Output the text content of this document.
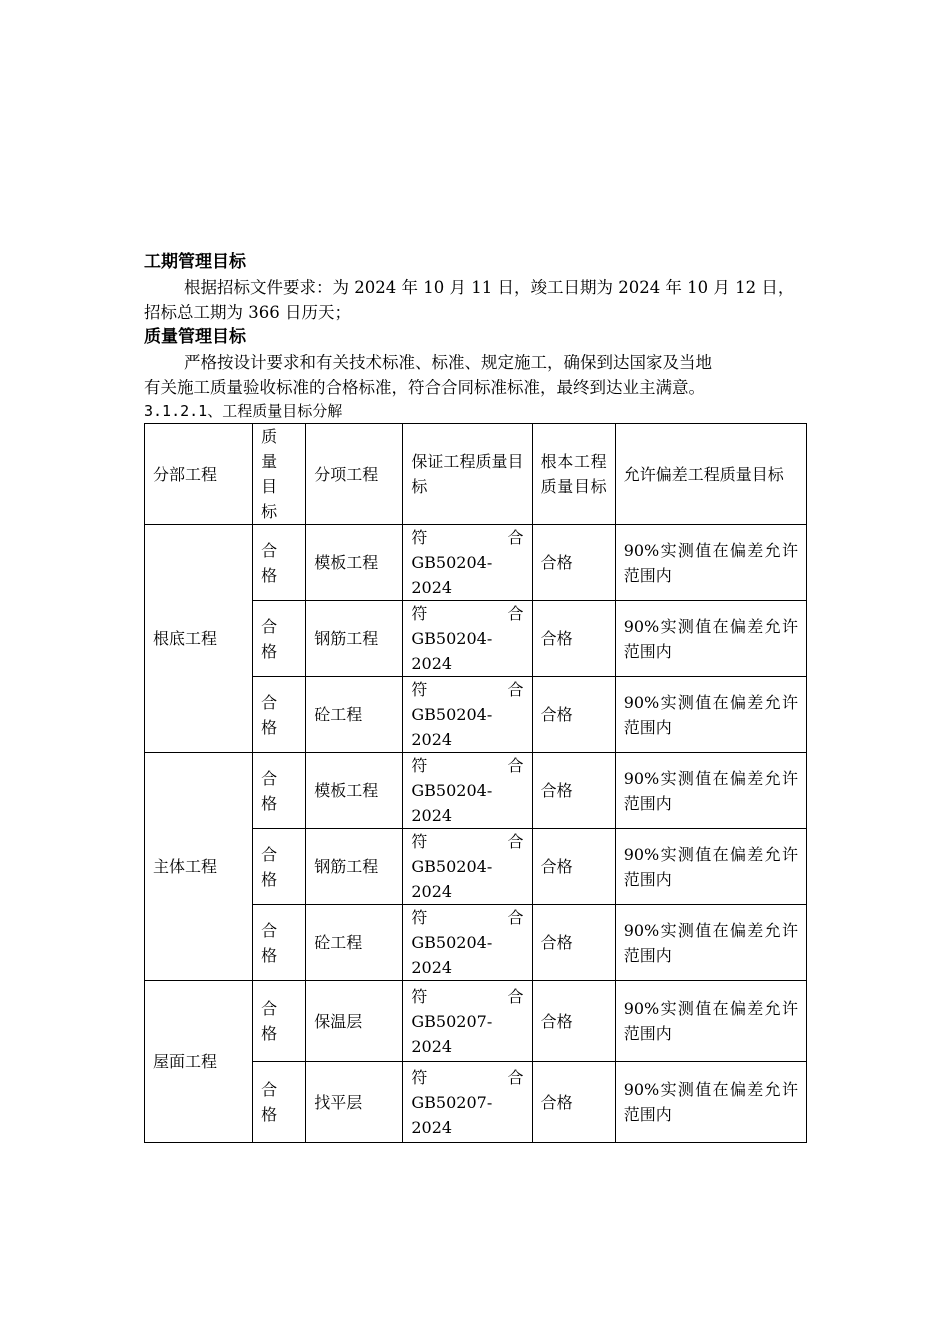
工期管理目标
根据招标文件要求：为 2024 年 10 月 11 日，竣工日期为 2024 年 10 月 12 日，
招标总工期为 366 日历天；
质量管理目标
严格按设计要求和有关技术标准、标准、规定施工，确保到达国家及当地
有关施工质量验收标准的合格标准，符合合同标准标准，最终到达业主满意。
3.1.2.1、工程质量目标分解
分部工程	质
量
目
标	分项工程	保证工程质量目标	根本工程质量目标	允许偏差工程质量目标
根底工程	合
格	模板工程	符 合
GB50204-
2024	合格	90%实测值在偏差允许范围内

	合
格	钢筋工程	符 合
GB50204-
2024	合格	90%实测值在偏差允许范围内

	合
格	砼工程	符 合
GB50204-
2024	合格	90%实测值在偏差允许范围内
主体工程	合
格	模板工程	符 合
GB50204-
2024	合格	90%实测值在偏差允许范围内

	合
格	钢筋工程	符 合
GB50204-
2024	合格	90%实测值在偏差允许范围内

	合
格	砼工程	符 合
GB50204-
2024	合格	90%实测值在偏差允许范围内
屋面工程	合
格	保温层	符 合
GB50207-
2024	合格	90%实测值在偏差允许范围内

	合
格	找平层	符 合
GB50207-
2024	合格	90%实测值在偏差允许范围内
